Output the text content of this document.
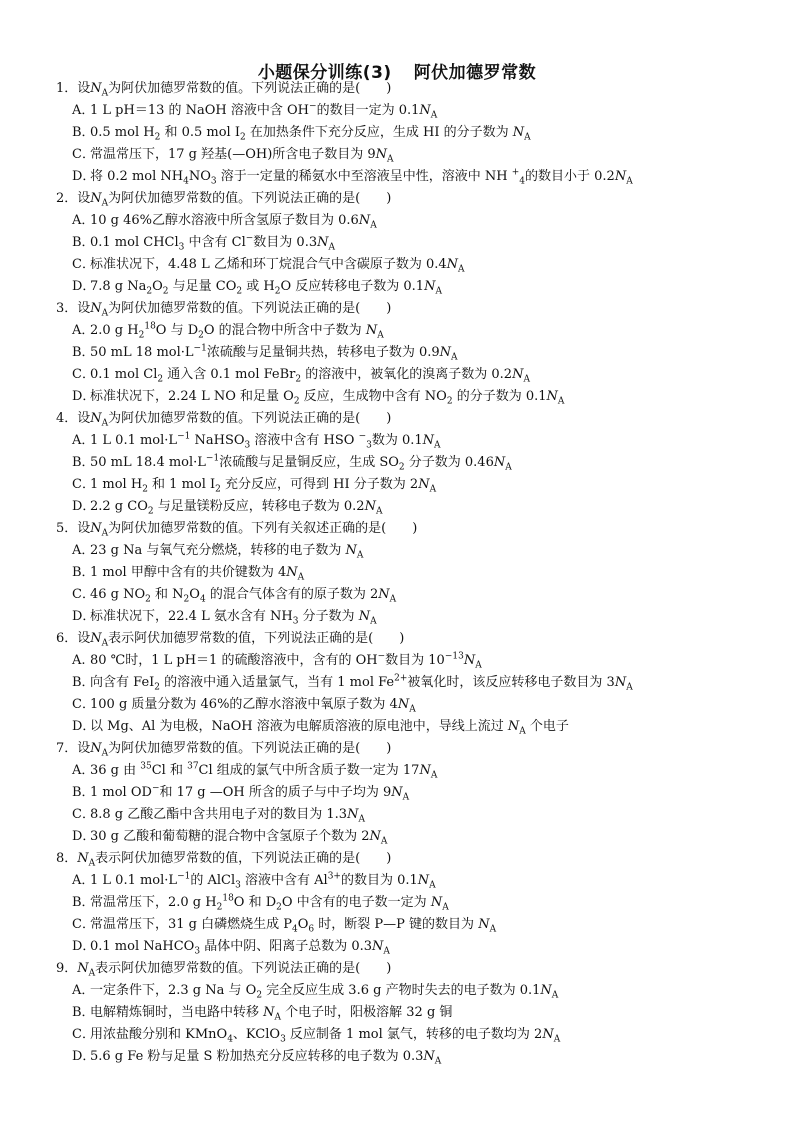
小题保分训练(3) 阿伏加德罗常数
1．设$N_A$为阿伏加德罗常数的值。下列说法正确的是(  )
A．1 L pH＝13 的 NaOH 溶液中含 OH−的数目一定为 $0.1N_A$
B．0.5 mol $H_2$ 和 0.5 mol $I_2$ 在加热条件下充分反应，生成 HI 的分子数为 $N_A$
C．常温常压下，17 g 羟基(—OH)所含电子数目为 $9N_A$
D．将 0.2 mol $NH_4NO_3$ 溶于一定量的稀氨水中至溶液呈中性，溶液中 NH +$_4$的数目小于 $0.2N_A$
2．设$N_A$为阿伏加德罗常数的值。下列说法正确的是(  )
A．10 g 46%乙醇水溶液中所含氢原子数目为 $0.6N_A$
B．0.1 mol CHCl$_3$ 中含有 Cl−数目为 $0.3N_A$
C．标准状况下，4.48 L 乙烯和环丁烷混合气中含碳原子数为 $0.4N_A$
D．7.8 g $Na_2O_2$ 与足量 $CO_2$ 或 $H_2O$ 反应转移电子数为 $0.1N_A$
3．设$N_A$为阿伏加德罗常数的值。下列说法正确的是(  )
A．2.0 g $H_2^{18}O$ 与 $D_2O$ 的混合物中所含中子数为 $N_A$
B．50 mL 18 $mol\cdot L^{-1}$浓硫酸与足量铜共热，转移电子数为 $0.9N_A$
C．0.1 mol $Cl_2$ 通入含 0.1 mol FeBr$_2$ 的溶液中，被氧化的溴离子数为 $0.2N_A$
D．标准状况下，2.24 L NO 和足量 $O_2$ 反应，生成物中含有 $NO_2$ 的分子数为 $0.1N_A$
4．设$N_A$为阿伏加德罗常数的值。下列说法正确的是(  )
A．1 L 0.1 $mol\cdot L^{-1}$ NaHSO$_3$ 溶液中含有 HSO −$_3$数为 $0.1N_A$
B．50 mL 18.4 $mol\cdot L^{-1}$浓硫酸与足量铜反应，生成 $SO_2$ 分子数为 $0.46N_A$
C．1 mol $H_2$ 和 1 mol $I_2$ 充分反应，可得到 HI 分子数为 $2N_A$
D．2.2 g $CO_2$ 与足量镁粉反应，转移电子数为 $0.2N_A$
5．设$N_A$为阿伏加德罗常数的值。下列有关叙述正确的是(  )
A．23 g Na 与氧气充分燃烧，转移的电子数为 $N_A$
B．1 mol 甲醇中含有的共价键数为 $4N_A$
C．46 g $NO_2$ 和 $N_2O_4$ 的混合气体含有的原子数为 $2N_A$
D．标准状况下，22.4 L 氨水含有 $NH_3$ 分子数为 $N_A$
6．设$N_A$表示阿伏加德罗常数的值，下列说法正确的是(  )
A. 80 ℃时，1 L pH＝1 的硫酸溶液中，含有的 OH−数目为 $10^{-13}N_A$
B．向含有 FeI$_2$ 的溶液中通入适量氯气，当有 1 mol $Fe^{2+}$被氧化时，该反应转移电子数目为 $3N_A$
C．100 g 质量分数为 46%的乙醇水溶液中氧原子数为 $4N_A$
D．以 Mg、Al 为电极，NaOH 溶液为电解质溶液的原电池中，导线上流过 $N_A$ 个电子
7．设$N_A$为阿伏加德罗常数的值。下列说法正确的是(  )
A．36 g 由 $^{35}$Cl 和 $^{37}$Cl 组成的氯气中所含质子数一定为 $17N_A$
B．1 mol OD−和 17 g —OH 所含的质子与中子均为 $9N_A$
C．8.8 g 乙酸乙酯中含共用电子对的数目为 $1.3N_A$
D．30 g 乙酸和葡萄糖的混合物中含氢原子个数为 $2N_A$
8．$N_A$表示阿伏加德罗常数的值，下列说法正确的是(  )
A．1 L 0.1 $mol\cdot L^{-1}$的 AlCl$_3$ 溶液中含有 $Al^{3+}$的数目为 $0.1N_A$
B．常温常压下，2.0 g $H_2^{18}O$ 和 $D_2O$ 中含有的电子数一定为 $N_A$
C．常温常压下，31 g 白磷燃烧生成 $P_4O_6$ 时，断裂 P—P 键的数目为 $N_A$
D．0.1 mol NaHCO$_3$ 晶体中阴、阳离子总数为 $0.3N_A$
9．$N_A$表示阿伏加德罗常数的值。下列说法正确的是(  )
A．一定条件下，2.3 g Na 与 $O_2$ 完全反应生成 3.6 g 产物时失去的电子数为 $0.1N_A$
B．电解精炼铜时，当电路中转移 $N_A$ 个电子时，阳极溶解 32 g 铜
C．用浓盐酸分别和 KMnO$_4$、KClO$_3$ 反应制备 1 mol 氯气，转移的电子数均为 $2N_A$
D．5.6 g Fe 粉与足量 S 粉加热充分反应转移的电子数为 $0.3N_A$
